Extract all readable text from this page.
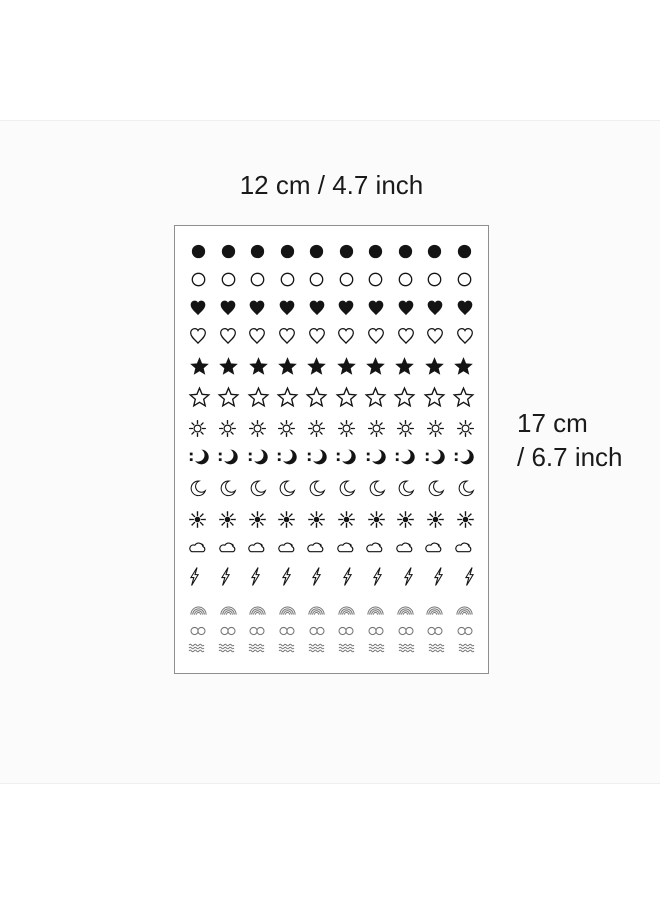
12 cm / 4.7 inch
17 cm
/ 6.7 inch
